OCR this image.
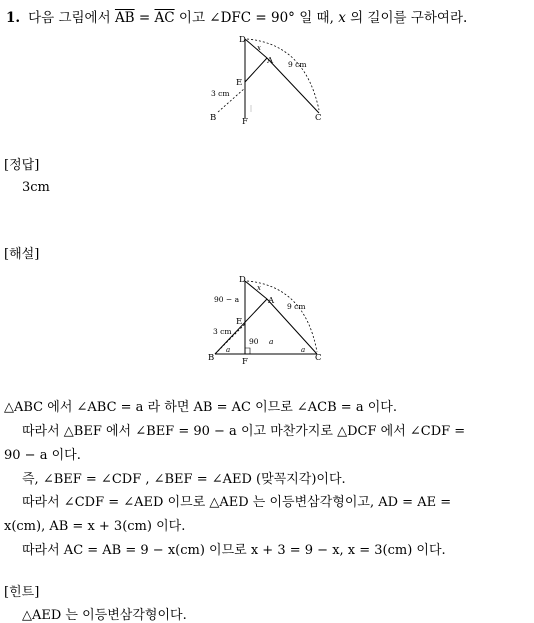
1. 다음 그림에서 $\overline{AB} = \overline{AC}$ 이고 ∠DFC = 90° 일 때, x 의 길이를 구하여라.
D
x
A 9 cm
E
3 cm
B	F	C
[정답]
3cm
[해설]
D
x
90 − a	A
9 cm
E
3 cm
90 a
a	a
B	F	C
△ABC 에서 ∠ABC = a 라 하면 AB = AC 이므로 ∠ACB = a 이다.
따라서 △BEF 에서 ∠BEF = 90 − a 이고 마찬가지로 △DCF 에서 ∠CDF =
90 − a 이다.
즉, ∠BEF = ∠CDF , ∠BEF = ∠AED (맞꼭지각)이다.
따라서 ∠CDF = ∠AED 이므로 △AED 는 이등변삼각형이고, AD = AE =
x(cm), AB = x + 3(cm) 이다.
따라서 AC = AB = 9 − x(cm) 이므로 x + 3 = 9 − x, x = 3(cm) 이다.
[힌트]
△AED 는 이등변삼각형이다.
